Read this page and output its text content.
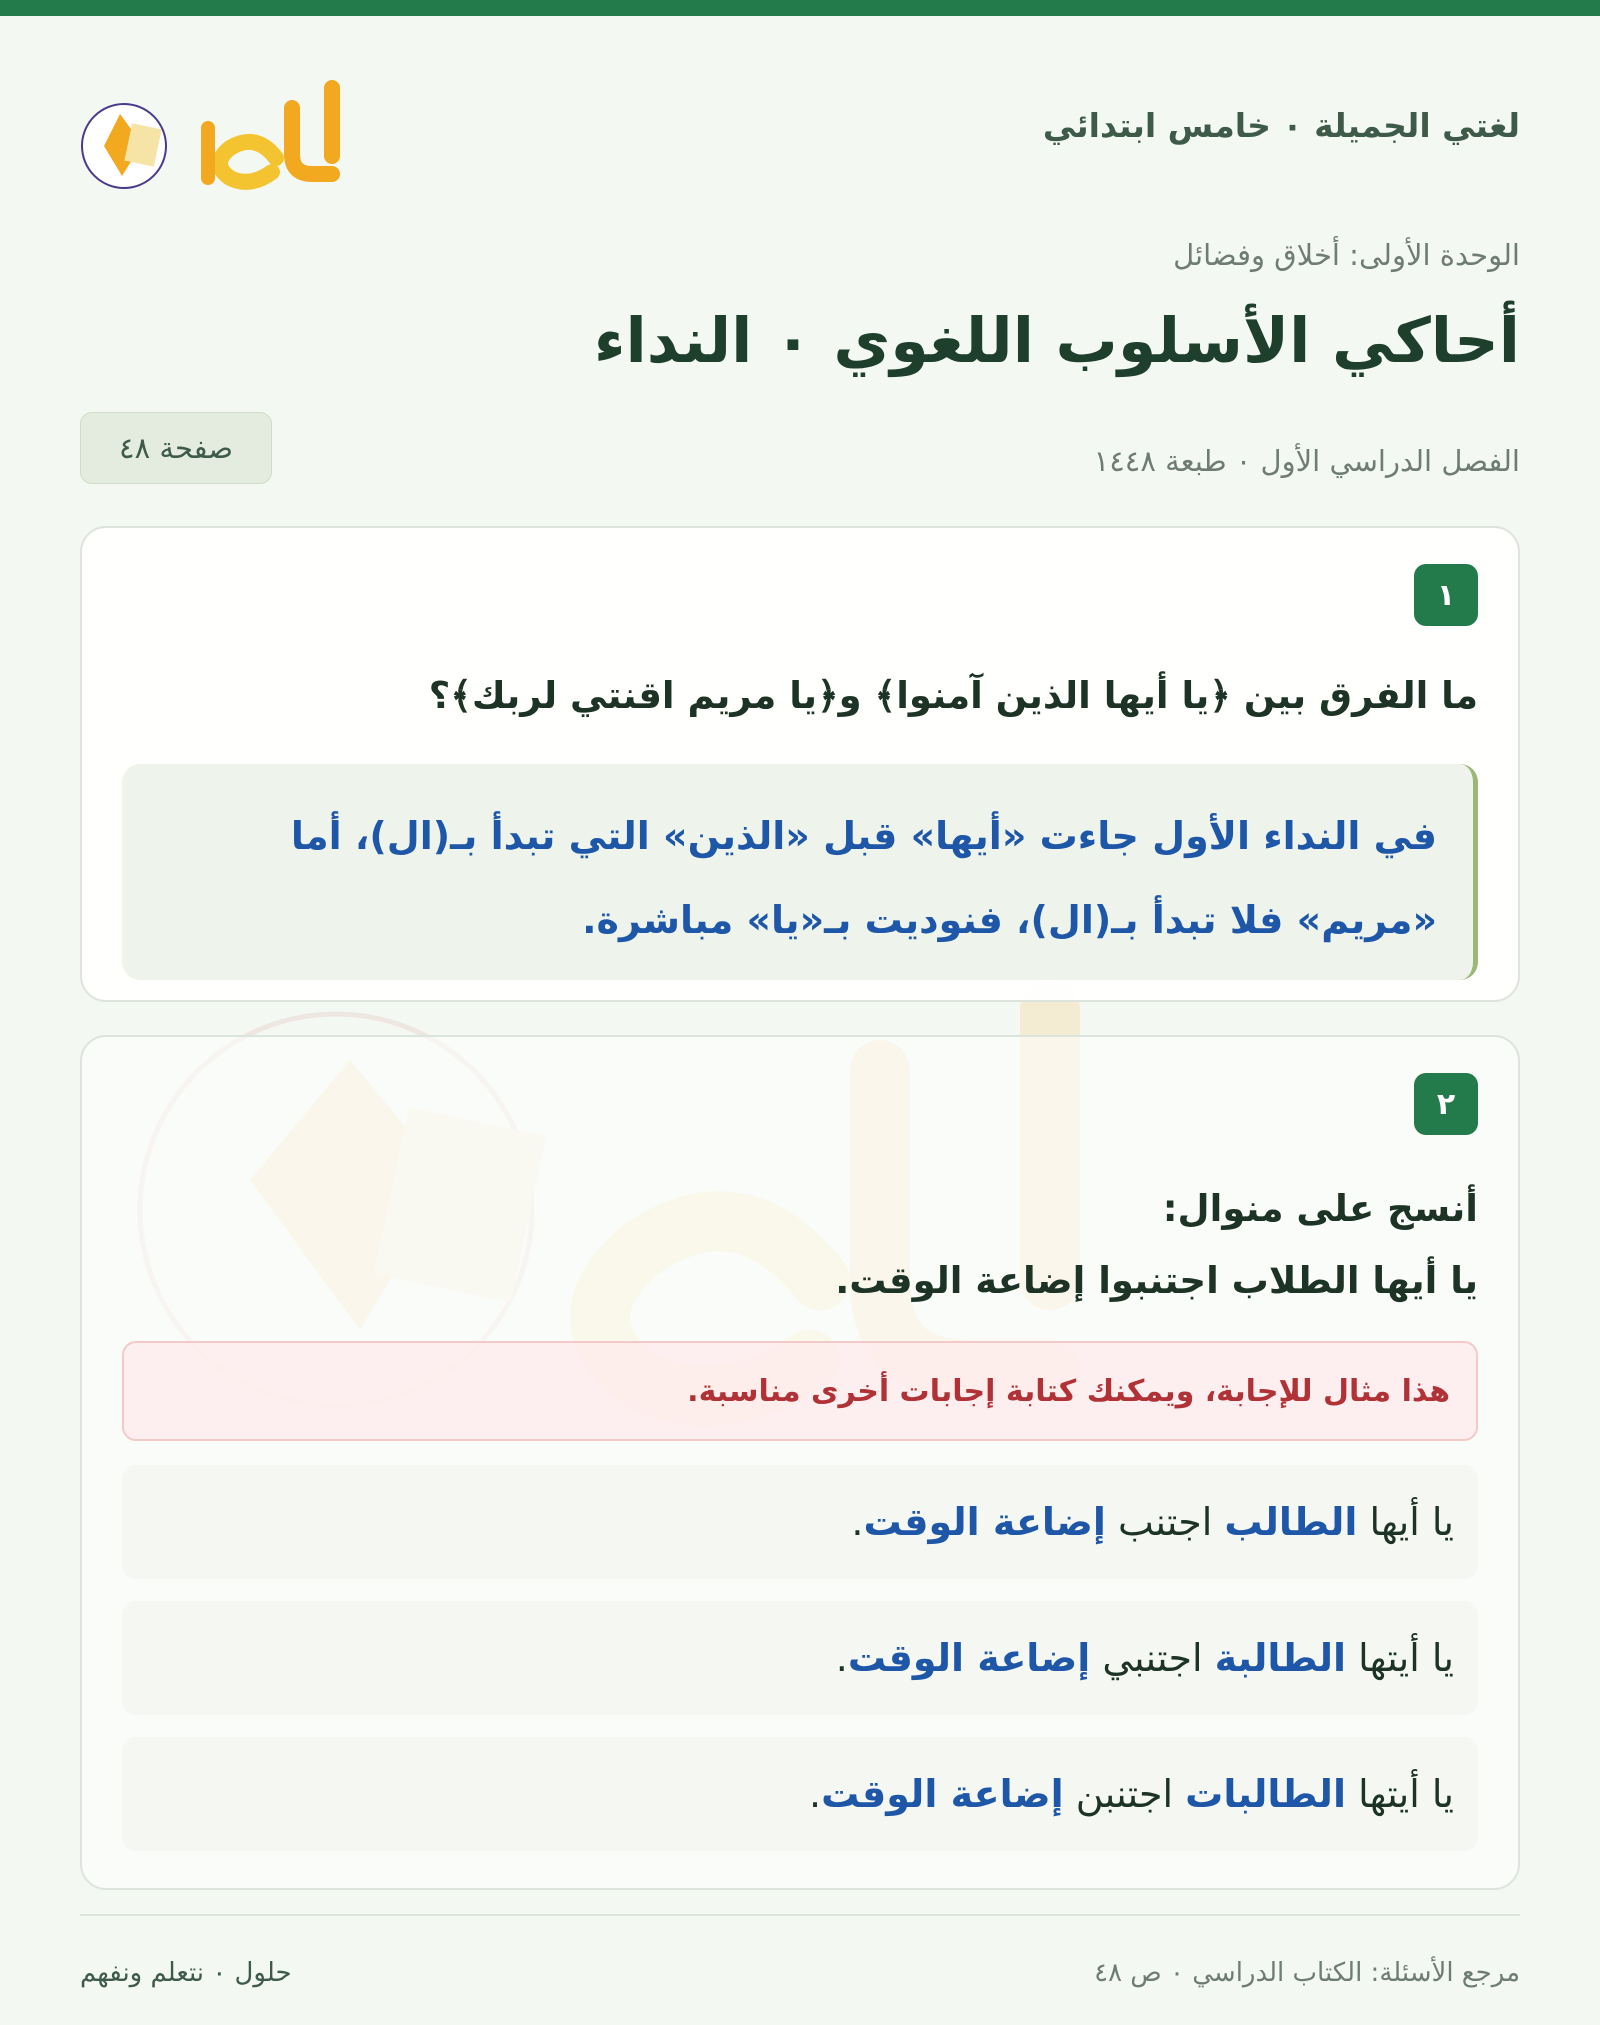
لغتي الجميلة ٠ خامس ابتدائي
الوحدة الأولى: أخلاق وفضائل
أحاكي الأسلوب اللغوي ٠ النداء
الفصل الدراسي الأول ٠ طبعة ١٤٤٨
صفحة ٤٨
١
ما الفرق بين ﴿يا أيها الذين آمنوا﴾ و﴿يا مريم اقنتي لربك﴾؟
في النداء الأول جاءت «أيها» قبل «الذين» التي تبدأ بـ(ال)، أما
«مريم» فلا تبدأ بـ(ال)، فنوديت بـ«يا» مباشرة.
٢
أنسج على منوال:
يا أيها الطلاب اجتنبوا إضاعة الوقت.
هذا مثال للإجابة، ويمكنك كتابة إجابات أخرى مناسبة.
يا أيها
الطالب
اجتنب
إضاعة الوقت
.
يا أيتها
الطالبة
اجتنبي
إضاعة الوقت
.
يا أيتها
الطالبات
اجتنبن
إضاعة الوقت
.
مرجع الأسئلة: الكتاب الدراسي ٠ ص ٤٨
حلول ٠ نتعلم ونفهم
